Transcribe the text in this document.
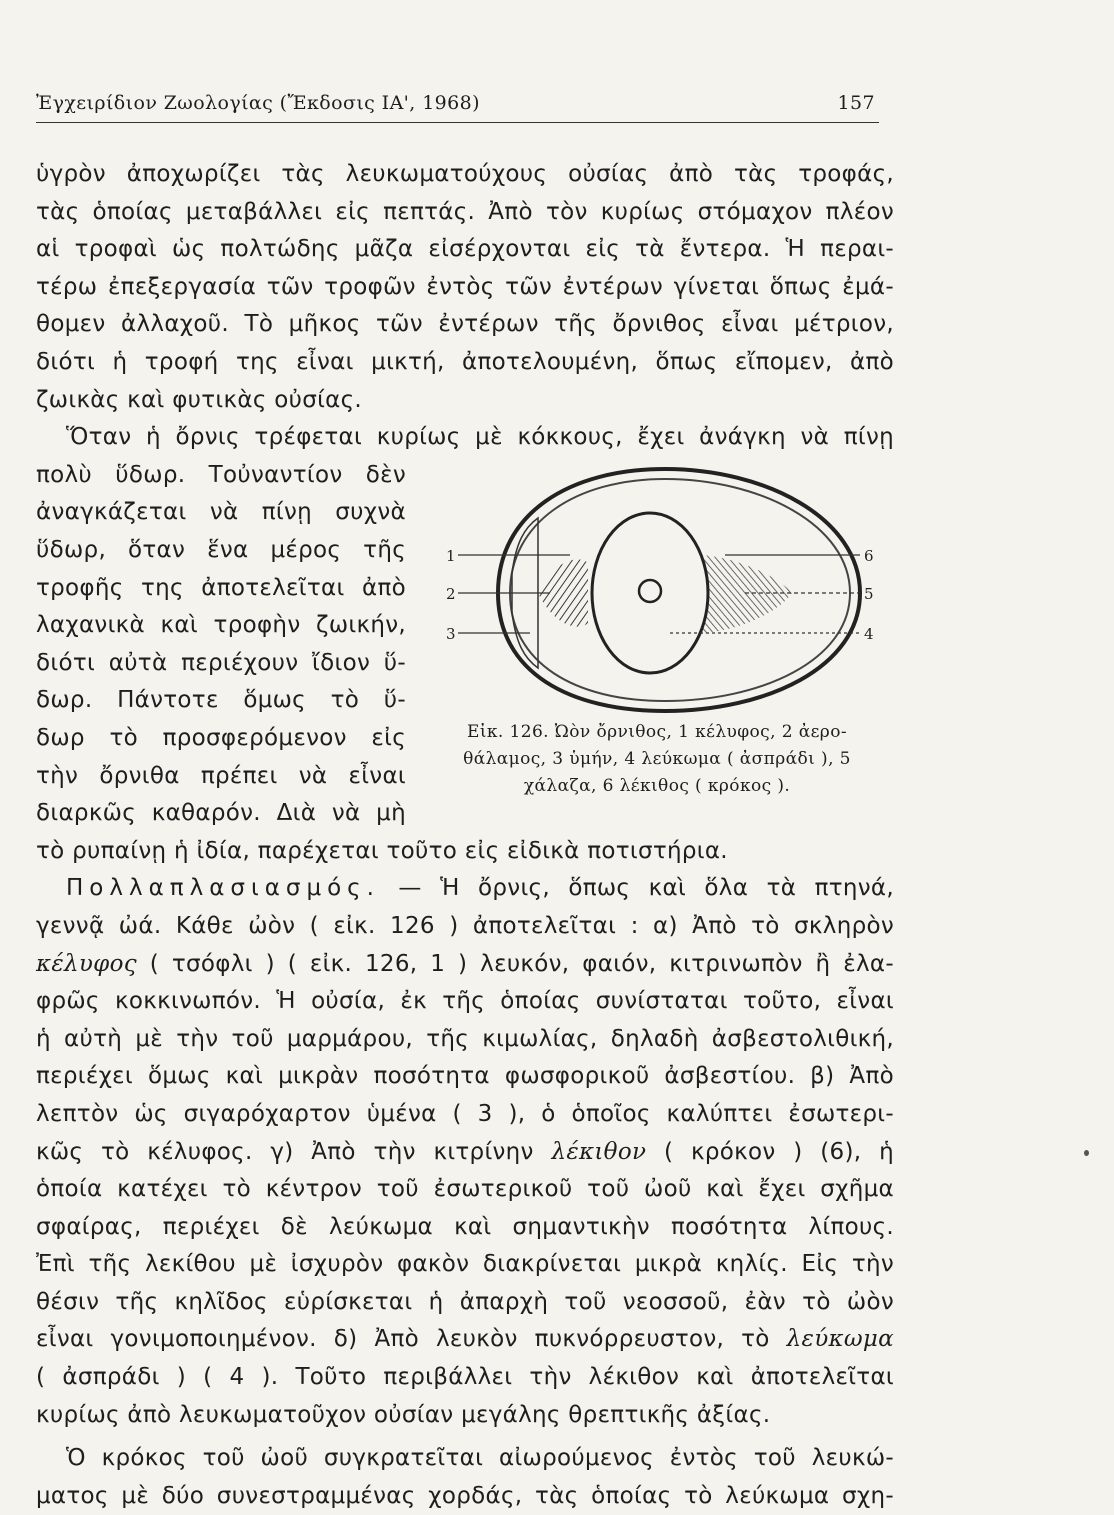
Ἐγχειρίδιον Ζωολογίας (Ἔκδοσις ΙΑ', 1968)	157

ὑγρὸν ἀποχωρίζει τὰς λευκωματούχους οὐσίας ἀπὸ τὰς τροφάς,

τὰς ὁποίας μεταβάλλει εἰς πεπτάς. Ἀπὸ τὸν κυρίως στόμαχον πλέον

αἱ τροφαὶ ὡς πολτώδης μᾶζα εἰσέρχονται εἰς τὰ ἔντερα. Ἡ περαι-

τέρω ἐπεξεργασία τῶν τροφῶν ἐντὸς τῶν ἐντέρων γίνεται ὅπως ἐμά-

θομεν ἀλλαχοῦ. Τὸ μῆκος τῶν ἐντέρων τῆς ὄρνιθος εἶναι μέτριον,

διότι ἡ τροφή της εἶναι μικτή, ἀποτελουμένη, ὅπως εἴπομεν, ἀπὸ

ζωικὰς καὶ φυτικὰς οὐσίας.

Ὅταν ἡ ὄρνις τρέφεται κυρίως μὲ κόκκους, ἔχει ἀνάγκη νὰ πίνῃ

1
2
3
6
5
4
Εἰκ. 126. Ὠὸν ὄρνιθος, 1 κέλυφος, 2 ἀερο-
θάλαμος, 3 ὑμήν, 4 λεύκωμα ( ἀσπράδι ), 5
χάλαζα, 6 λέκιθος ( κρόκος ).

πολὺ ὕδωρ. Τοὐναντίον δὲν

ἀναγκάζεται νὰ πίνῃ συχνὰ

ὕδωρ, ὅταν ἕνα μέρος τῆς

τροφῆς της ἀποτελεῖται ἀπὸ

λαχανικὰ καὶ τροφὴν ζωικήν,

διότι αὐτὰ περιέχουν ἴδιον ὕ-

δωρ. Πάντοτε ὅμως τὸ ὕ-

δωρ τὸ προσφερόμενον εἰς

τὴν ὄρνιθα πρέπει νὰ εἶναι

διαρκῶς καθαρόν. Διὰ νὰ μὴ

τὸ ρυπαίνῃ ἡ ἰδία, παρέχεται τοῦτο εἰς εἰδικὰ ποτιστήρια.

Πολλαπλασιασμός. — Ἡ ὄρνις, ὅπως καὶ ὅλα τὰ πτηνά,

γεννᾷ ὠά. Κάθε ὠὸν ( εἰκ. 126 ) ἀποτελεῖται : α) Ἀπὸ τὸ σκληρὸν

κέλυφος ( τσόφλι ) ( εἰκ. 126, 1 ) λευκόν, φαιόν, κιτρινωπὸν ἢ ἐλα-

φρῶς κοκκινωπόν. Ἡ οὐσία, ἐκ τῆς ὁποίας συνίσταται τοῦτο, εἶναι

ἡ αὐτὴ μὲ τὴν τοῦ μαρμάρου, τῆς κιμωλίας, δηλαδὴ ἀσβεστολιθική,

περιέχει ὅμως καὶ μικρὰν ποσότητα φωσφορικοῦ ἀσβεστίου. β) Ἀπὸ

λεπτὸν ὡς σιγαρόχαρτον ὑμένα ( 3 ), ὁ ὁποῖος καλύπτει ἐσωτερι-

κῶς τὸ κέλυφος. γ) Ἀπὸ τὴν κιτρίνην λέκιθον ( κρόκον ) (6), ἡ

ὁποία κατέχει τὸ κέντρον τοῦ ἐσωτερικοῦ τοῦ ὠοῦ καὶ ἔχει σχῆμα

σφαίρας, περιέχει δὲ λεύκωμα καὶ σημαντικὴν ποσότητα λίπους.

Ἐπὶ τῆς λεκίθου μὲ ἰσχυρὸν φακὸν διακρίνεται μικρὰ κηλίς. Εἰς τὴν

θέσιν τῆς κηλῖδος εὑρίσκεται ἡ ἀπαρχὴ τοῦ νεοσσοῦ, ἐὰν τὸ ὠὸν

εἶναι γονιμοποιημένον. δ) Ἀπὸ λευκὸν πυκνόρρευστον, τὸ λεύκωμα

( ἀσπράδι ) ( 4 ). Τοῦτο περιβάλλει τὴν λέκιθον καὶ ἀποτελεῖται

κυρίως ἀπὸ λευκωματοῦχον οὐσίαν μεγάλης θρεπτικῆς ἀξίας.

Ὁ κρόκος τοῦ ὠοῦ συγκρατεῖται αἰωρούμενος ἐντὸς τοῦ λευκώ-

ματος μὲ δύο συνεστραμμένας χορδάς, τὰς ὁποίας τὸ λεύκωμα σχη-
